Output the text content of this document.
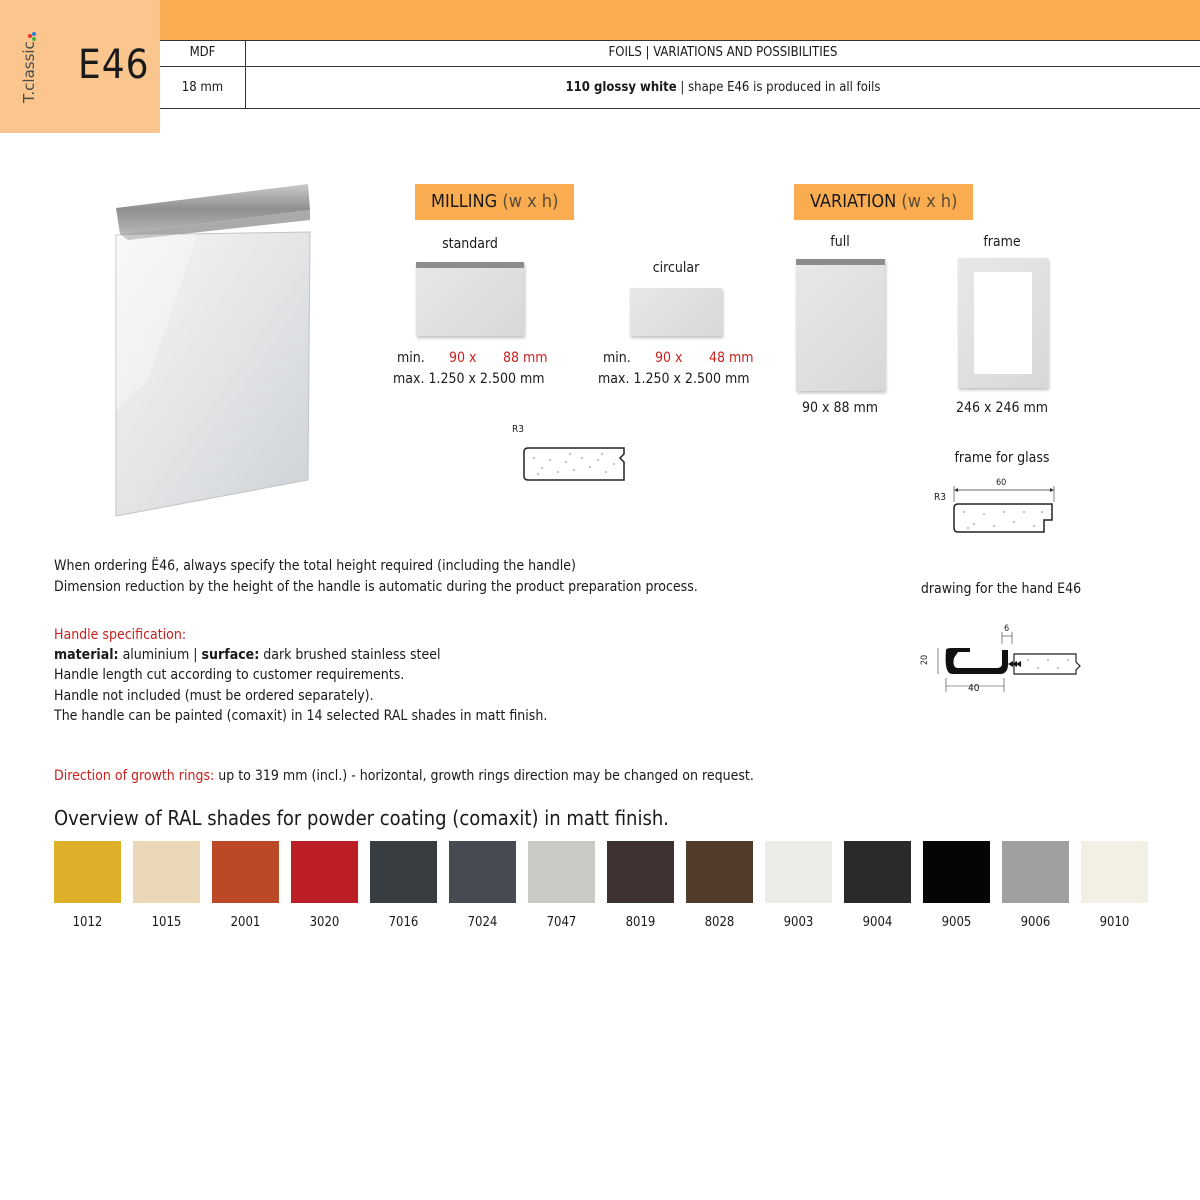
T.classic E46	MDF	FOILS | VARIATIONS AND POSSIBILITIES
18 mm	110 glossy white | shape E46 is produced in all foils
MILLING (w x h)
standard
min. 90 x 88 mm
max. 1.250 x 2.500 mm
circular
min. 90 x 48 mm
max. 1.250 x 2.500 mm
R3
VARIATION (w x h)
full
90 x 88 mm
frame
246 x 246 mm
frame for glass
R3
60
drawing for the hand E46
6
20
40
When ordering Ë46, always specify the total height required (including the handle)
Dimension reduction by the height of the handle is automatic during the product preparation process.
Handle specification:
material: aluminium | surface: dark brushed stainless steel
Handle length cut according to customer requirements.
Handle not included (must be ordered separately).
The handle can be painted (comaxit) in 14 selected RAL shades in matt finish.
Direction of growth rings: up to 319 mm (incl.) - horizontal, growth rings direction may be changed on request.
Overview of RAL shades for powder coating (comaxit) in matt finish.
1012	1015	2001	3020	7016	7024	7047	8019	8028	9003	9004	9005	9006	9010
